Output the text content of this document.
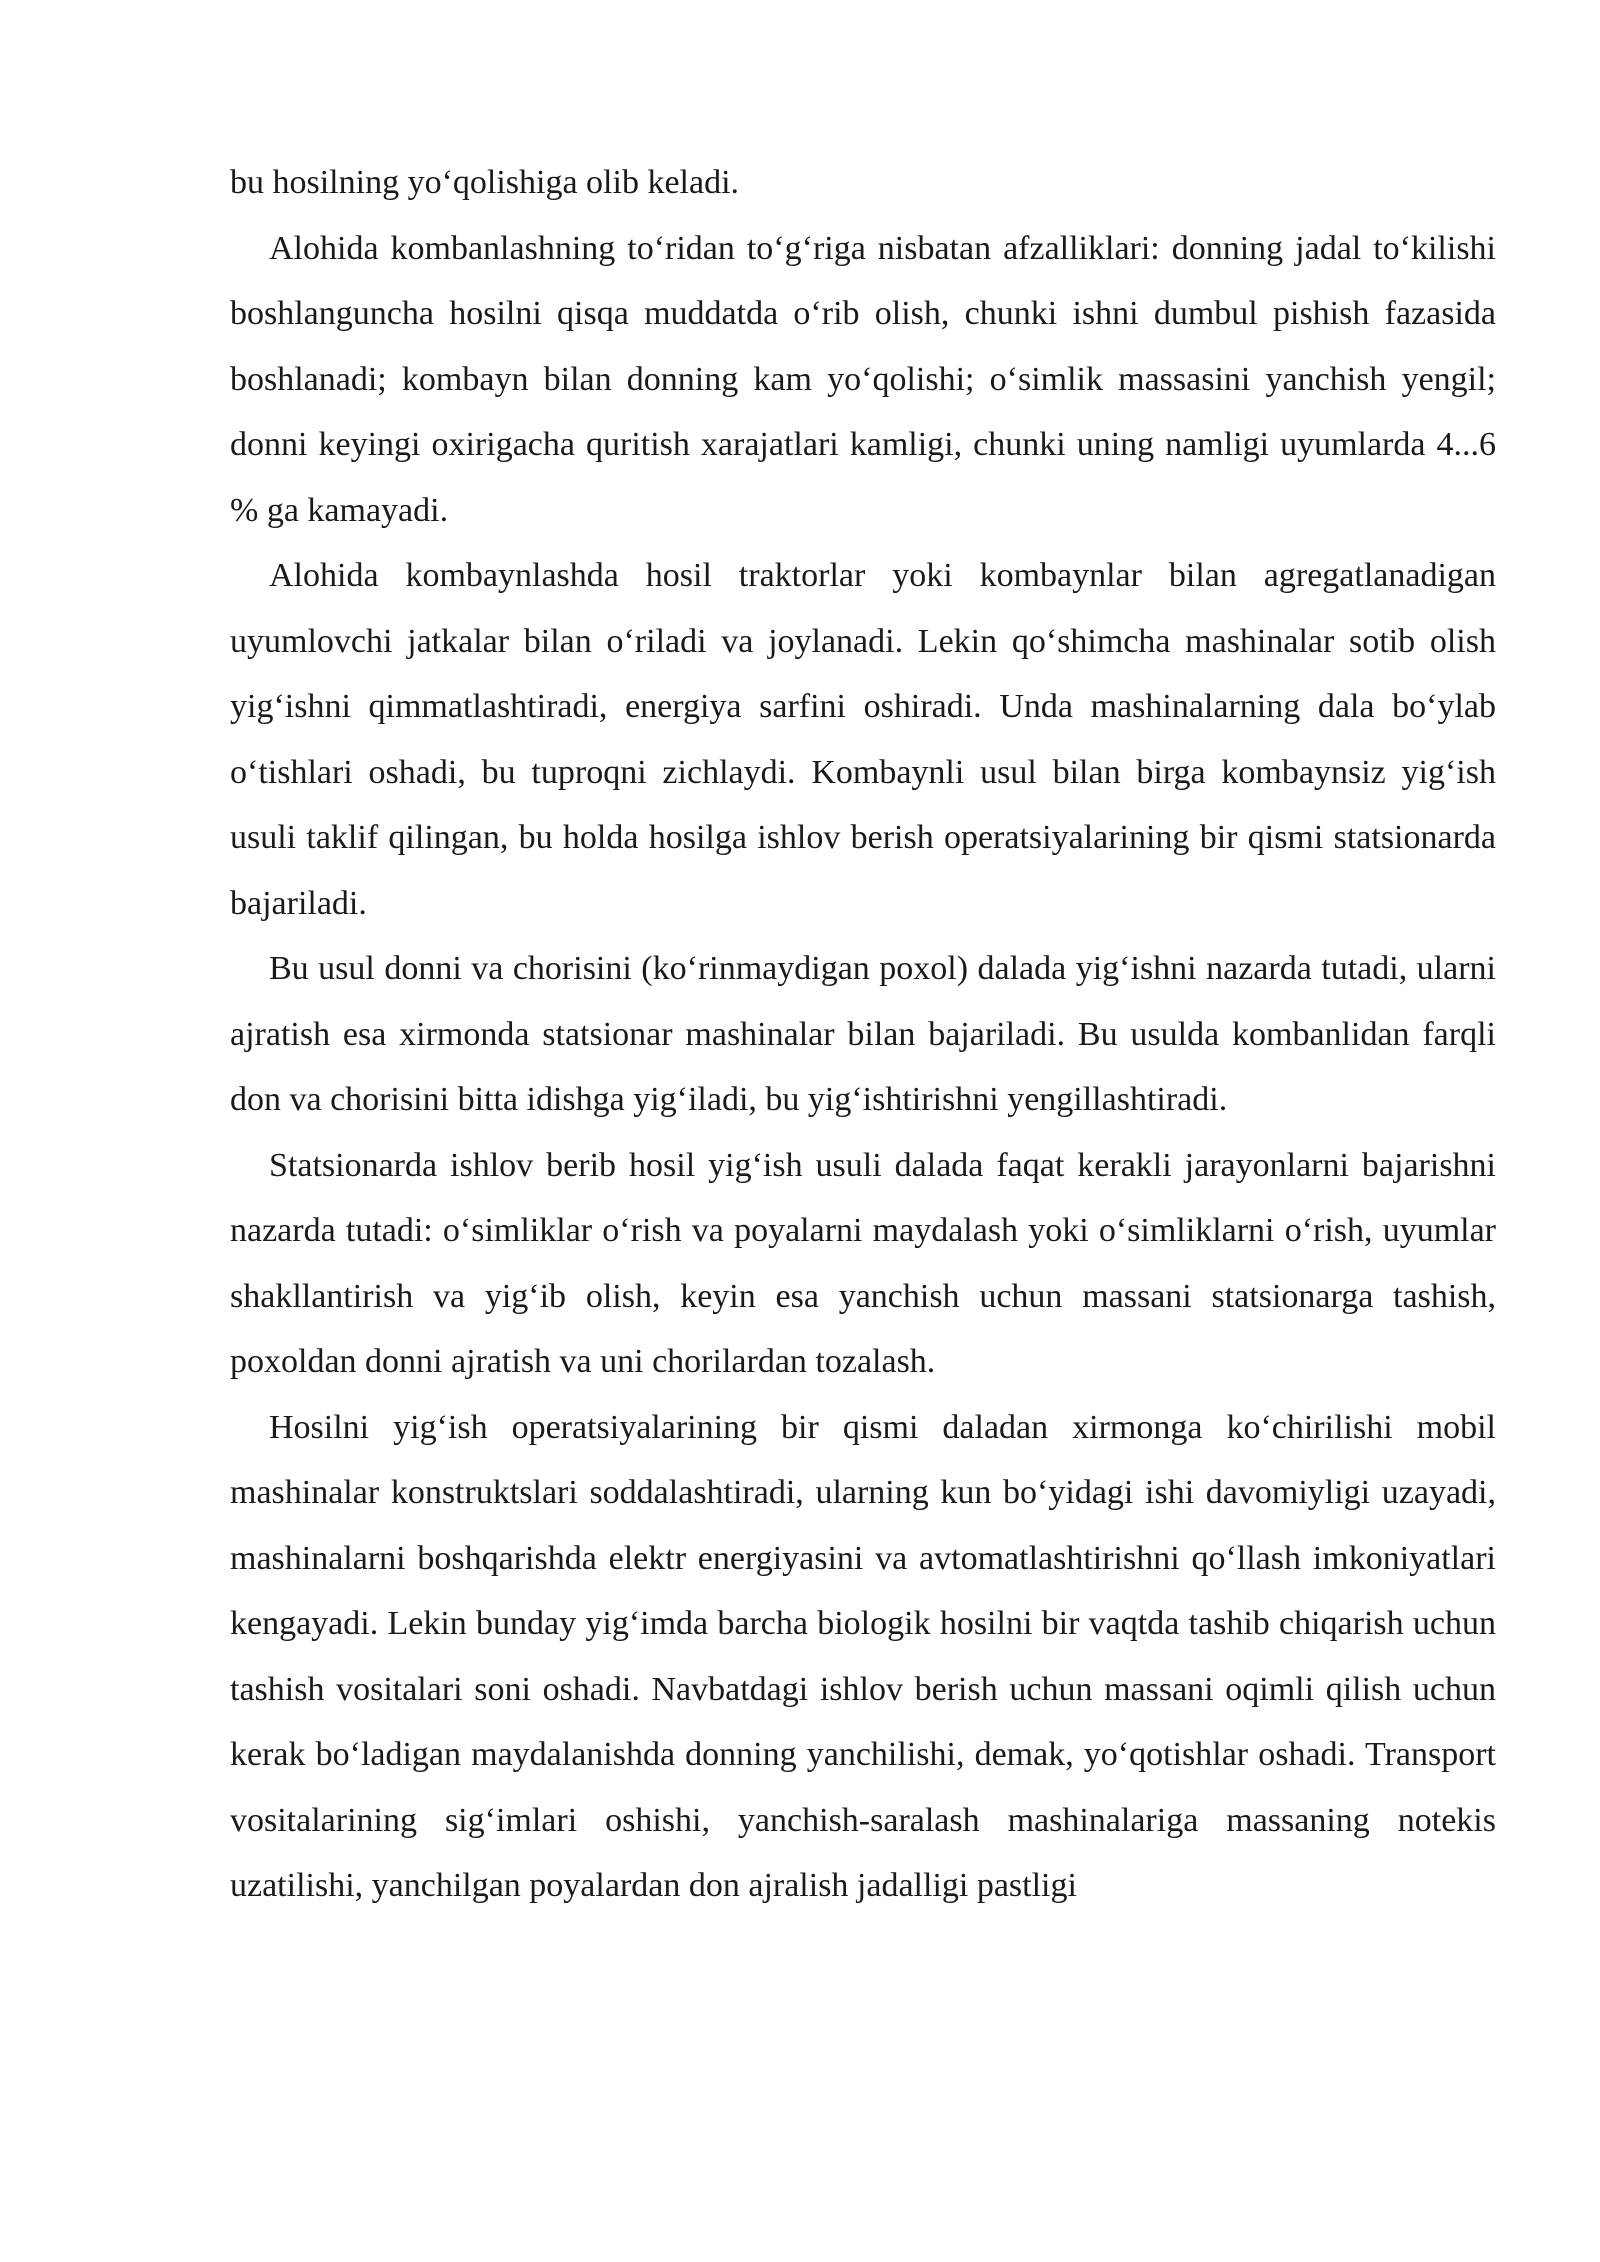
bu hosilning yo‘qolishiga olib keladi.

Alohida kombanlashning to‘ridan to‘g‘riga nisbatan afzalliklari: donning jadal to‘kilishi boshlanguncha hosilni qisqa muddatda o‘rib olish, chunki ishni dumbul pishish fazasida boshlanadi; kombayn bilan donning kam yo‘qolishi; o‘simlik massasini yanchish yengil; donni keyingi oxirigacha quritish xarajatlari kamligi, chunki uning namligi uyumlarda 4...6 % ga kamayadi.

Alohida kombaynlashda hosil traktorlar yoki kombaynlar bilan agregatlanadigan uyumlovchi jatkalar bilan o‘riladi va joylanadi. Lekin qo‘shimcha mashinalar sotib olish yig‘ishni qimmatlashtiradi, energiya sarfini oshiradi. Unda mashinalarning dala bo‘ylab o‘tishlari oshadi, bu tuproqni zichlaydi. Kombaynli usul bilan birga kombaynsiz yig‘ish usuli taklif qilingan, bu holda hosilga ishlov berish operatsiyalarining bir qismi statsionarda bajariladi.

Bu usul donni va chorisini (ko‘rinmaydigan poxol) dalada yig‘ishni nazarda tutadi, ularni ajratish esa xirmonda statsionar mashinalar bilan bajariladi. Bu usulda kombanlidan farqli don va chorisini bitta idishga yig‘iladi, bu yig‘ishtirishni yengillashtiradi.

Statsionarda ishlov berib hosil yig‘ish usuli dalada faqat kerakli jarayonlarni bajarishni nazarda tutadi: o‘simliklar o‘rish va poyalarni maydalash yoki o‘simliklarni o‘rish, uyumlar shakllantirish va yig‘ib olish, keyin esa yanchish uchun massani statsionarga tashish, poxoldan donni ajratish va uni chorilardan tozalash.

Hosilni yig‘ish operatsiyalarining bir qismi daladan xirmonga ko‘chirilishi mobil mashinalar konstruktslari soddalashtiradi, ularning kun bo‘yidagi ishi davomiyligi uzayadi, mashinalarni boshqarishda elektr energiyasini va avtomatlashtirishni qo‘llash imkoniyatlari kengayadi. Lekin bunday yig‘imda barcha biologik hosilni bir vaqtda tashib chiqarish uchun tashish vositalari soni oshadi. Navbatdagi ishlov berish uchun massani oqimli qilish uchun kerak bo‘ladigan maydalanishda donning yanchilishi, demak, yo‘qotishlar oshadi. Transport vositalarining sig‘imlari oshishi, yanchish-saralash mashinalariga massaning notekis uzatilishi, yanchilgan poyalardan don ajralish jadalligi pastligi
